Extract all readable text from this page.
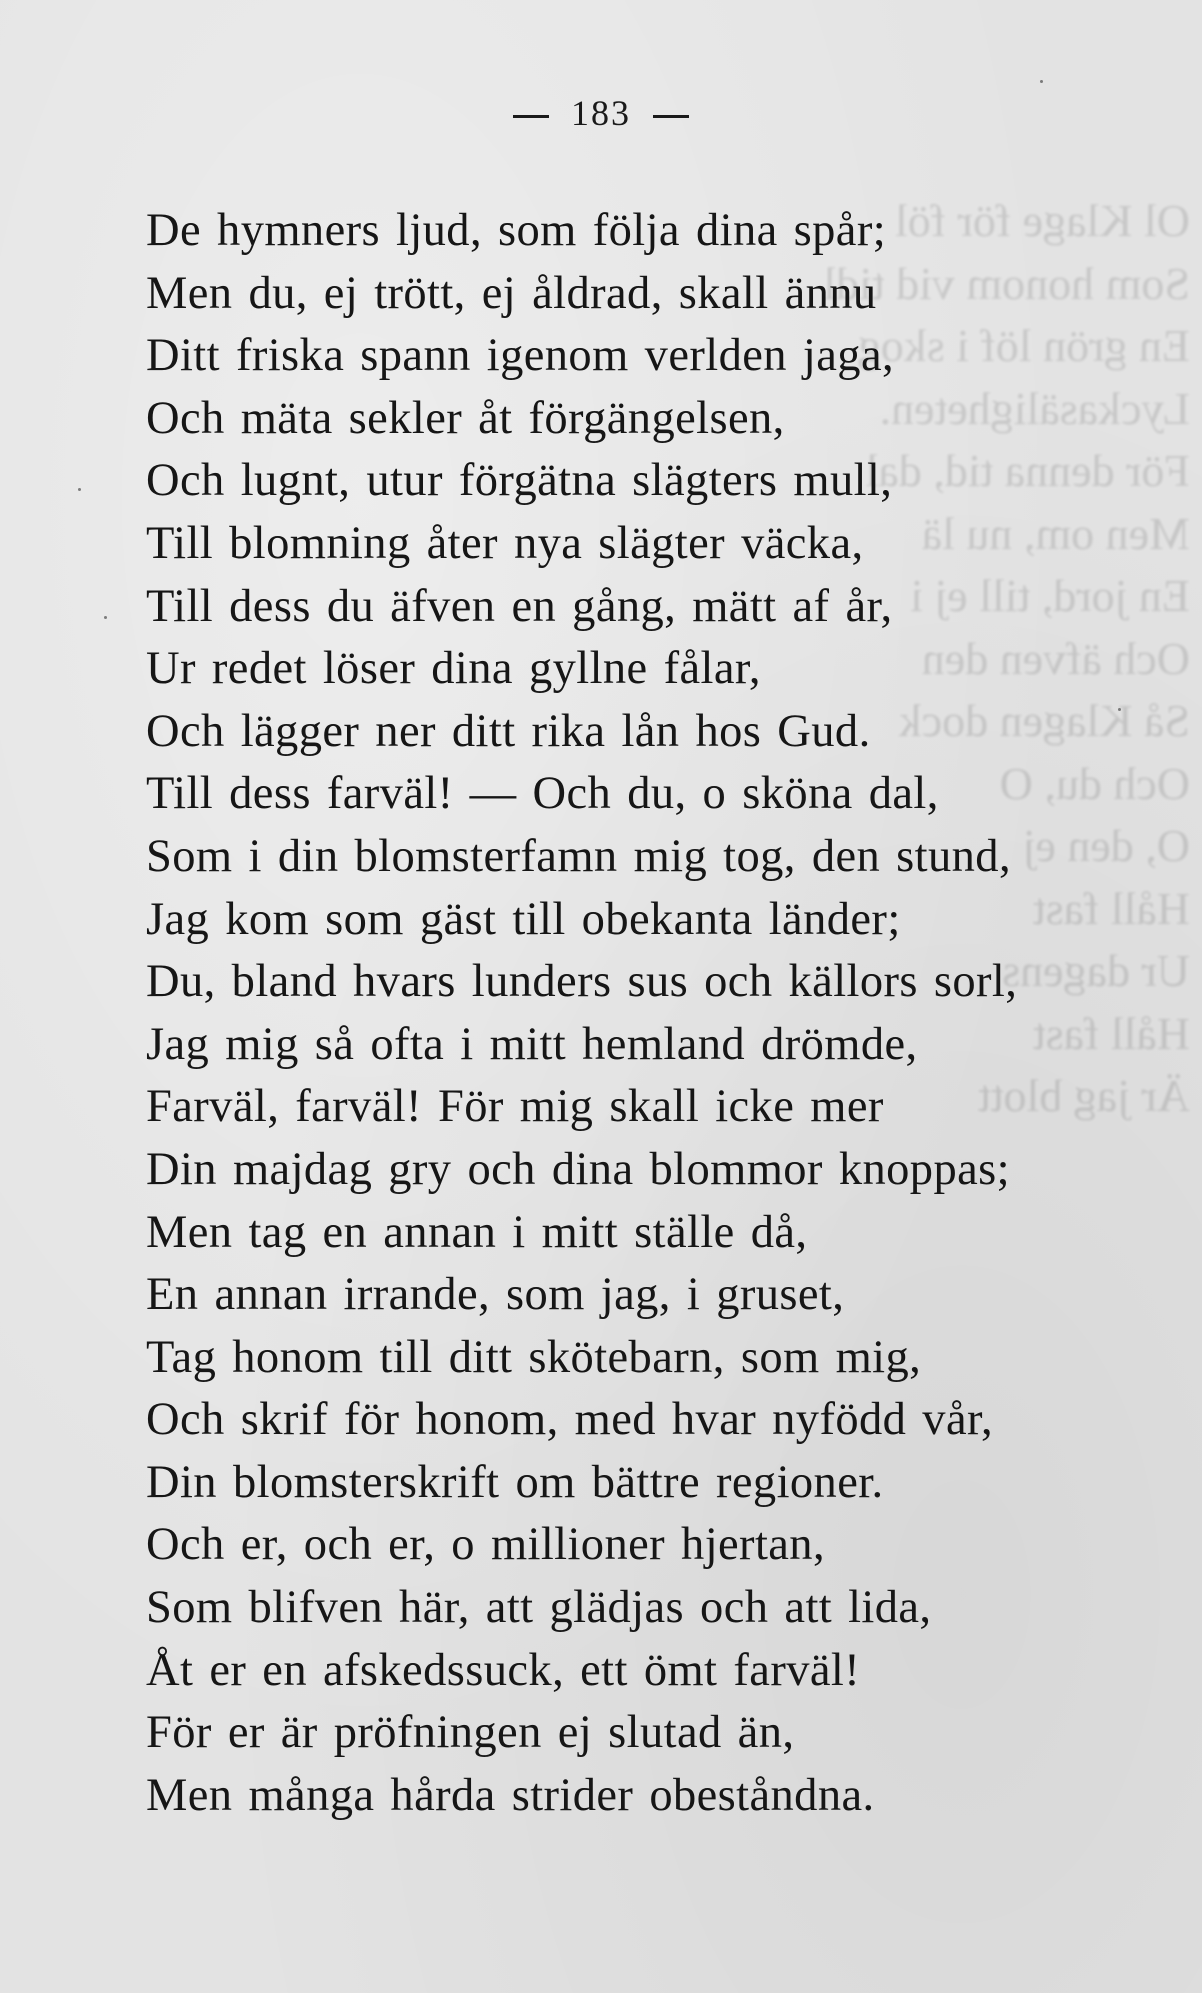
Ol Klage för föl
Som honom vid tidl
En grön löf i skog
Lyckasäligheten.
För denna tid, dal
Men om, nu lä
En jord, till ej i
Och äfven den
Så Klagen dock
Och du, O
O, den ej
Håll fast
Ur dagens
Håll fast
Är jag blott
183
De hymners ljud, som följa dina spår;
Men du, ej trött, ej åldrad, skall ännu
Ditt friska spann igenom verlden jaga,
Och mäta sekler åt förgängelsen,
Och lugnt, utur förgätna slägters mull,
Till blomning åter nya slägter väcka,
Till dess du äfven en gång, mätt af år,
Ur redet löser dina gyllne fålar,
Och lägger ner ditt rika lån hos Gud.
Till dess farväl! — Och du, o sköna dal,
Som i din blomsterfamn mig tog, den stund,
Jag kom som gäst till obekanta länder;
Du, bland hvars lunders sus och källors sorl,
Jag mig så ofta i mitt hemland drömde,
Farväl, farväl! För mig skall icke mer
Din majdag gry och dina blommor knoppas;
Men tag en annan i mitt ställe då,
En annan irrande, som jag, i gruset,
Tag honom till ditt skötebarn, som mig,
Och skrif för honom, med hvar nyfödd vår,
Din blomsterskrift om bättre regioner.
Och er, och er, o millioner hjertan,
Som blifven här, att glädjas och att lida,
Åt er en afskedssuck, ett ömt farväl!
För er är pröfningen ej slutad än,
Men många hårda strider obeståndna.
